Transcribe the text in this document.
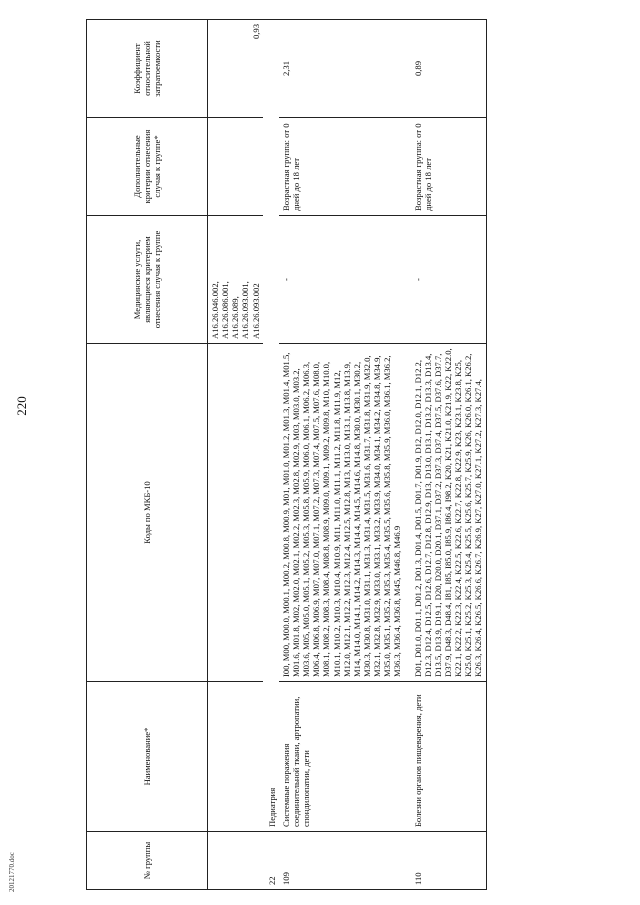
220
20121770.doc	№ группы	Наименование*	Коды по МКБ-10	Медицинские услуги, являющиеся критерием отнесения случая к группе	Дополнительные критерии отнесения случая к группе*	Коэффициент относительной затратоемкости

			A16.26.046.002, A16.26.086.001, A16.26.089, A16.26.093.001, A16.26.093.002		0,93

22	Педиатрия				
109	Системные поражения соединительной ткани, артропатии, спондилопатии, дети	I00, M00, M00.0, M00.1, M00.2, M00.8, M00.9, M01, M01.0, M01.2, M01.3, M01.4, M01.5, M01.6, M01.8, M02, M02.0, M02.1, M02.2, M02.3, M02.8, M02.9, M03, M03.0, M03.2, M03.6, M05, M05.0, M05.1, M05.2, M05.3, M05.8, M05.9, M06.0, M06.1, M06.2, M06.3, M06.4, M06.8, M06.9, M07, M07.0, M07.1, M07.2, M07.3, M07.4, M07.5, M07.6, M08.0, M08.1, M08.2, M08.3, M08.4, M08.8, M08.9, M09.0, M09.1, M09.2, M09.8, M10, M10.0, M10.1, M10.2, M10.3, M10.4, M10.9, M11, M11.0, M11.1, M11.2, M11.8, M11.9, M12, M12.0, M12.1, M12.2, M12.3, M12.4, M12.5, M12.8, M13, M13.0, M13.1, M13.8, M13.9, M14, M14.0, M14.1, M14.2, M14.3, M14.4, M14.5, M14.6, M14.8, M30.0, M30.1, M30.2, M30.3, M30.8, M31.0, M31.1, M31.3, M31.4, M31.5, M31.6, M31.7, M31.8, M31.9, M32.0, M32.1, M32.8, M32.9, M33.0, M33.1, M33.2, M33.9, M34.0, M34.1, M34.2, M34.8, M34.9, M35.0, M35.1, M35.2, M35.3, M35.4, M35.5, M35.6, M35.8, M35.9, M36.0, M36.1, M36.2, M36.3, M36.4, M36.8, M45, M46.8, M46.9	-	Возрастная группа: от 0 дней до 18 лет	2,31
110	Болезни органов пищеварения, дети	D01, D01.0, D01.1, D01.2, D01.3, D01.4, D01.5, D01.7, D01.9, D12, D12.0, D12.1, D12.2, D12.3, D12.4, D12.5, D12.6, D12.7, D12.8, D12.9, D13, D13.0, D13.1, D13.2, D13.3, D13.4, D13.5, D13.9, D19.1, D20, D20.0, D20.1, D37.1, D37.2, D37.3, D37.4, D37.5, D37.6, D37.7, D37.9, D48.3, D48.4, I81, I85, I85.0, I85.9, I86.4, I98.2, K20, K21, K21.0, K21.9, K22, K22.0, K22.1, K22.2, K22.3, K22.4, K22.5, K22.6, K22.7, K22.8, K22.9, K23, K23.1, K23.8, K25, K25.0, K25.1, K25.2, K25.3, K25.4, K25.5, K25.6, K25.7, K25.9, K26, K26.0, K26.1, K26.2, K26.3, K26.4, K26.5, K26.6, K26.7, K26.9, K27, K27.0, K27.1, K27.2, K27.3, K27.4,	-	Возрастная группа: от 0 дней до 18 лет	0,89
